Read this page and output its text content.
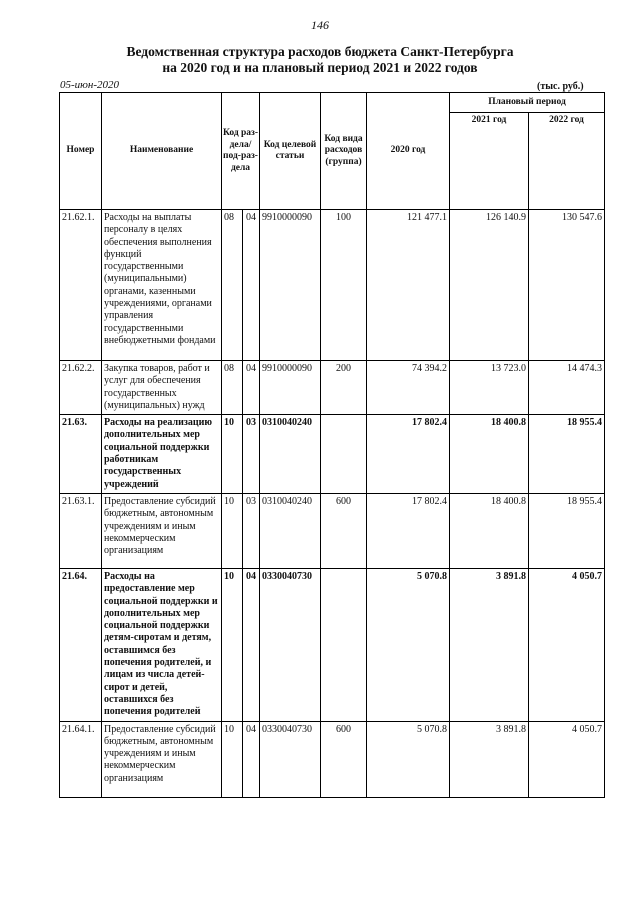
146
Ведомственная структура расходов бюджета Санкт-Петербурга
на 2020 год и на плановый период 2021 и 2022 годов
05-июн-2020	(тыс. руб.)
Номер	Наименование	Код раз-дела/ под-раз-дела		Код целевой статьи	Код вида расходов (группа)	2020 год	Плановый период	
							2021 год	2022 год
21.62.1.	Расходы на выплаты персоналу в целях обеспечения выполнения функций государственными (муниципальными) органами, казенными учреждениями, органами управления государственными внебюджетными фондами	08	04	9910000090	100	121 477.1	126 140.9	130 547.6
21.62.2.	Закупка товаров, работ и услуг для обеспечения государственных (муниципальных) нужд	08	04	9910000090	200	74 394.2	13 723.0	14 474.3
21.63.	Расходы на реализацию дополнительных мер социальной поддержки работникам государственных учреждений	10	03	0310040240		17 802.4	18 400.8	18 955.4
21.63.1.	Предоставление субсидий бюджетным, автономным учреждениям и иным некоммерческим организациям	10	03	0310040240	600	17 802.4	18 400.8	18 955.4
21.64.	Расходы на предоставление мер социальной поддержки и дополнительных мер социальной поддержки детям-сиротам и детям, оставшимся без попечения родителей, и лицам из числа детей-сирот и детей, оставшихся без попечения родителей	10	04	0330040730		5 070.8	3 891.8	4 050.7
21.64.1.	Предоставление субсидий бюджетным, автономным учреждениям и иным некоммерческим организациям	10	04	0330040730	600	5 070.8	3 891.8	4 050.7
